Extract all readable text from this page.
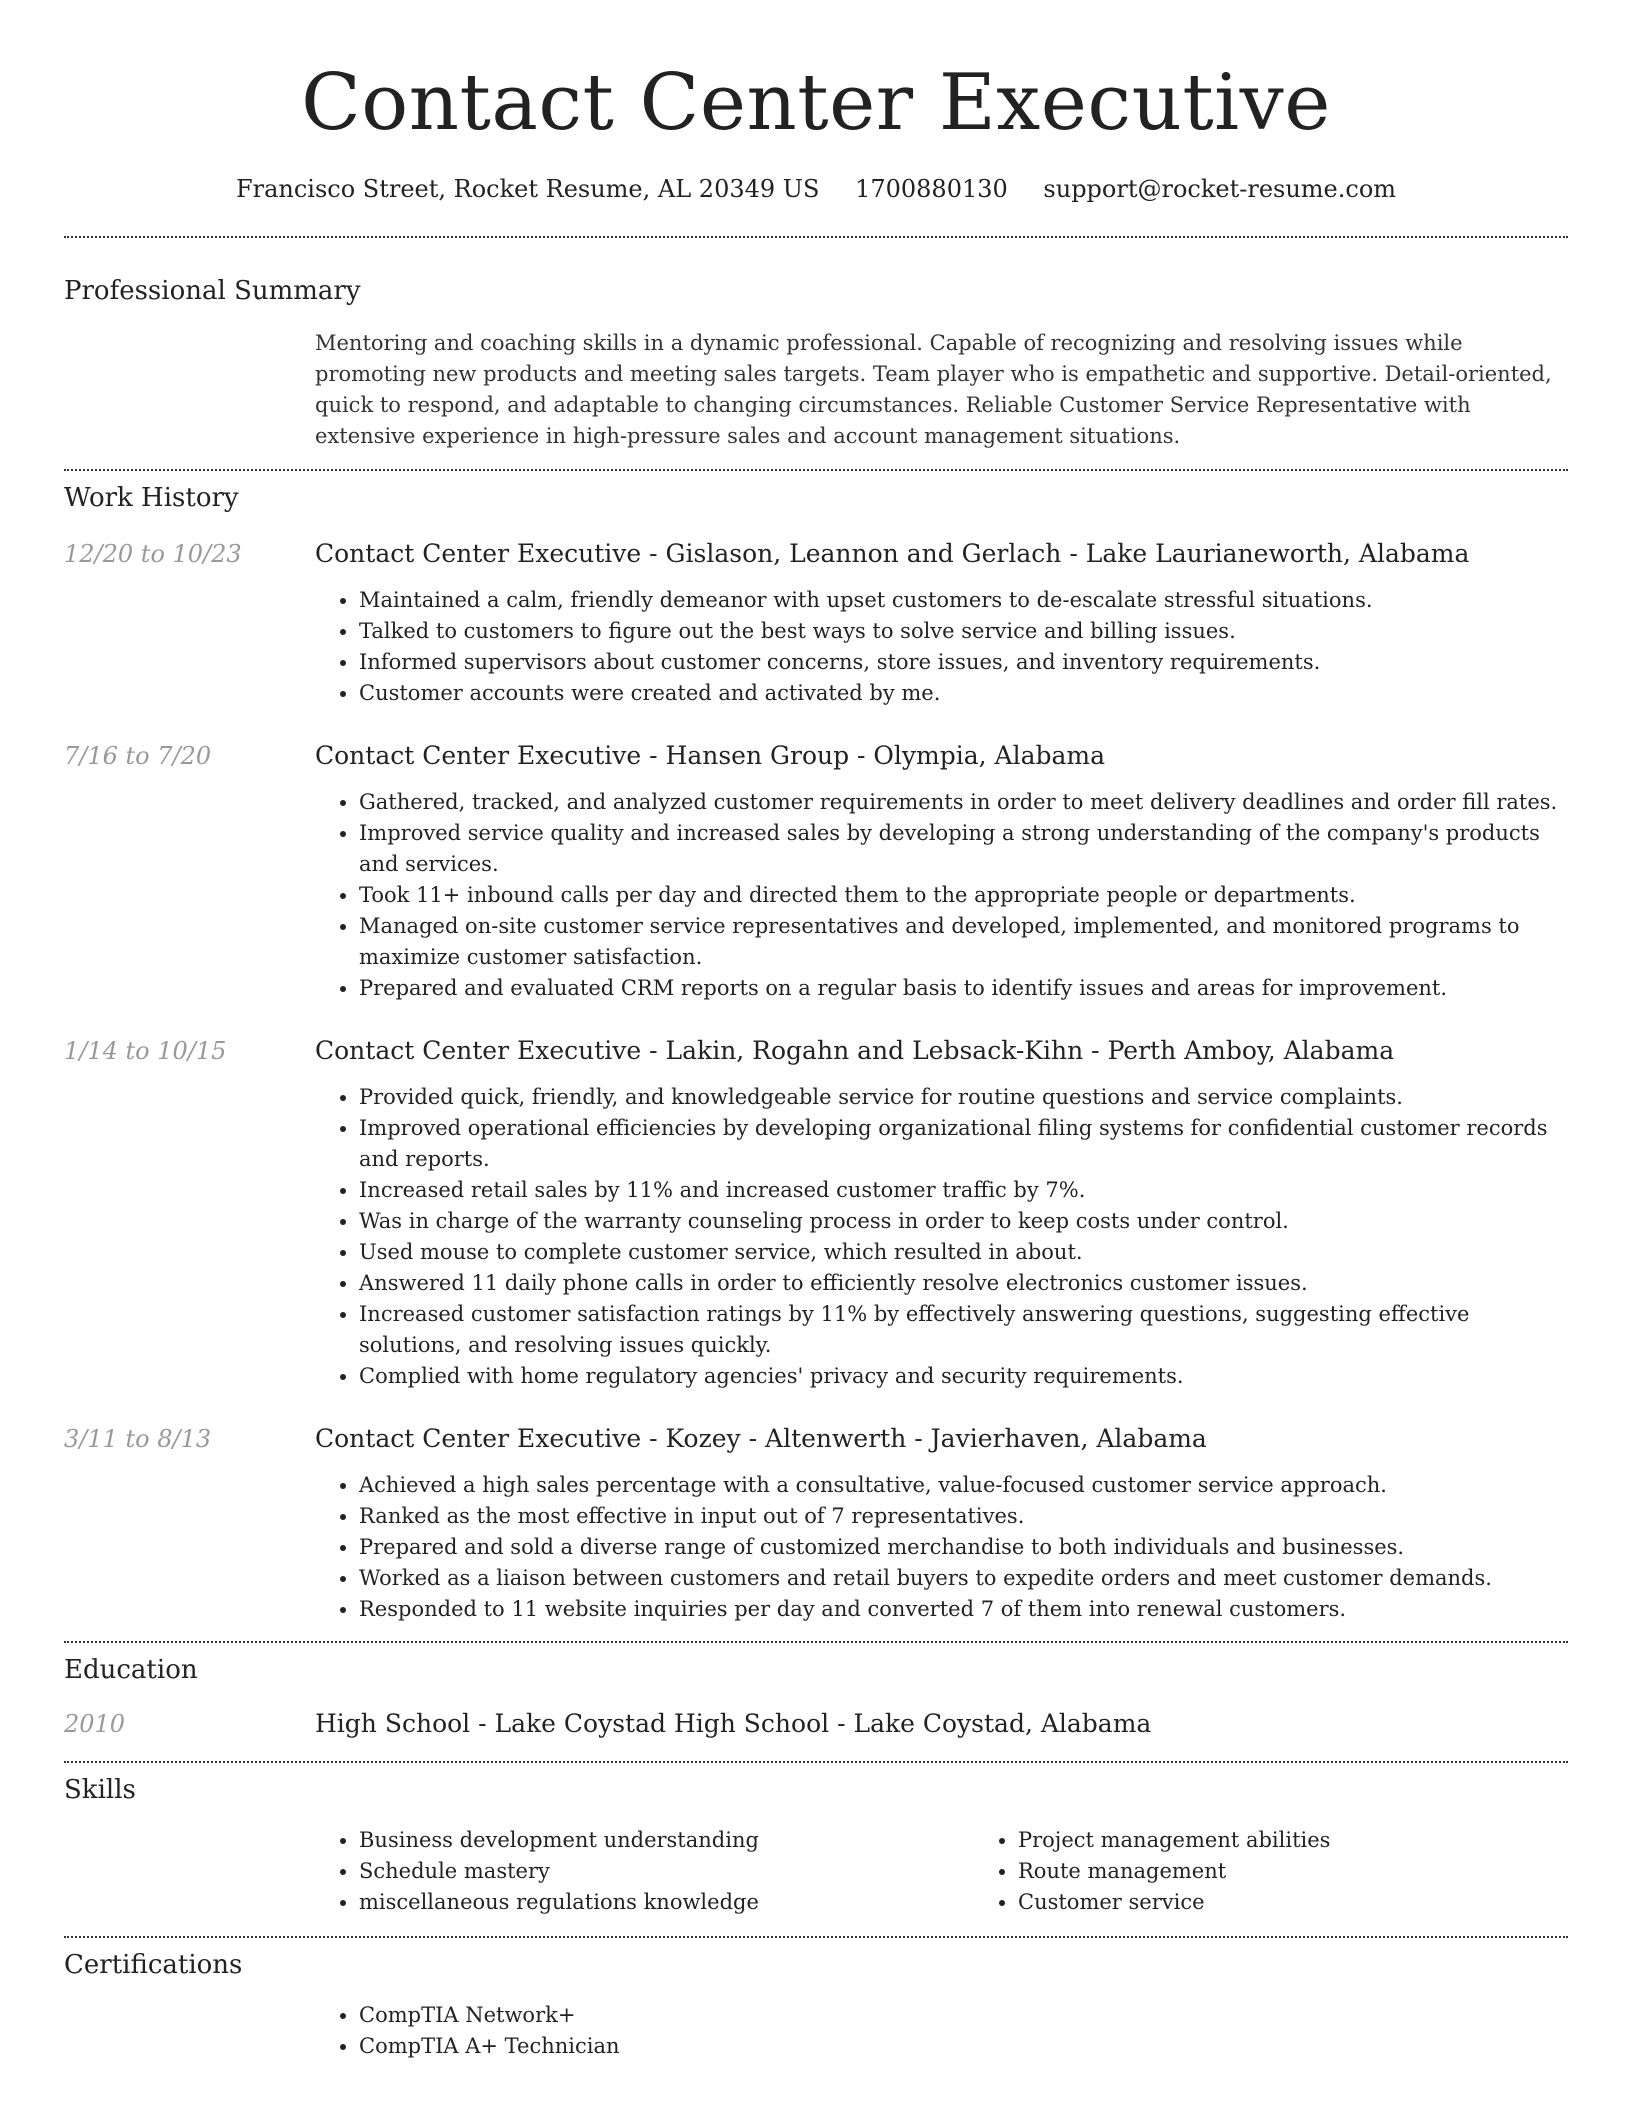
Contact Center Executive
Francisco Street, Rocket Resume, AL 20349 US 1700880130 support@rocket-resume.com
Professional Summary
Mentoring and coaching skills in a dynamic professional. Capable of recognizing and resolving issues while promoting new products and meeting sales targets. Team player who is empathetic and supportive. Detail-oriented, quick to respond, and adaptable to changing circumstances. Reliable Customer Service Representative with extensive experience in high-pressure sales and account management situations.
Work History
12/20 to 10/23	Contact Center Executive - Gislason, Leannon and Gerlach - Lake Laurianeworth, Alabama
• Maintained a calm, friendly demeanor with upset customers to de-escalate stressful situations.
• Talked to customers to figure out the best ways to solve service and billing issues.
• Informed supervisors about customer concerns, store issues, and inventory requirements.
• Customer accounts were created and activated by me.
7/16 to 7/20	Contact Center Executive - Hansen Group - Olympia, Alabama
• Gathered, tracked, and analyzed customer requirements in order to meet delivery deadlines and order fill rates.
• Improved service quality and increased sales by developing a strong understanding of the company's products and services.
• Took 11+ inbound calls per day and directed them to the appropriate people or departments.
• Managed on-site customer service representatives and developed, implemented, and monitored programs to maximize customer satisfaction.
• Prepared and evaluated CRM reports on a regular basis to identify issues and areas for improvement.
1/14 to 10/15	Contact Center Executive - Lakin, Rogahn and Lebsack-Kihn - Perth Amboy, Alabama
• Provided quick, friendly, and knowledgeable service for routine questions and service complaints.
• Improved operational efficiencies by developing organizational filing systems for confidential customer records and reports.
• Increased retail sales by 11% and increased customer traffic by 7%.
• Was in charge of the warranty counseling process in order to keep costs under control.
• Used mouse to complete customer service, which resulted in about.
• Answered 11 daily phone calls in order to efficiently resolve electronics customer issues.
• Increased customer satisfaction ratings by 11% by effectively answering questions, suggesting effective solutions, and resolving issues quickly.
• Complied with home regulatory agencies' privacy and security requirements.
3/11 to 8/13	Contact Center Executive - Kozey - Altenwerth - Javierhaven, Alabama
• Achieved a high sales percentage with a consultative, value-focused customer service approach.
• Ranked as the most effective in input out of 7 representatives.
• Prepared and sold a diverse range of customized merchandise to both individuals and businesses.
• Worked as a liaison between customers and retail buyers to expedite orders and meet customer demands.
• Responded to 11 website inquiries per day and converted 7 of them into renewal customers.
Education
2010	High School - Lake Coystad High School - Lake Coystad, Alabama
Skills
• Business development understanding
• Schedule mastery
• miscellaneous regulations knowledge
• Project management abilities
• Route management
• Customer service
Certifications
• CompTIA Network+
• CompTIA A+ Technician
